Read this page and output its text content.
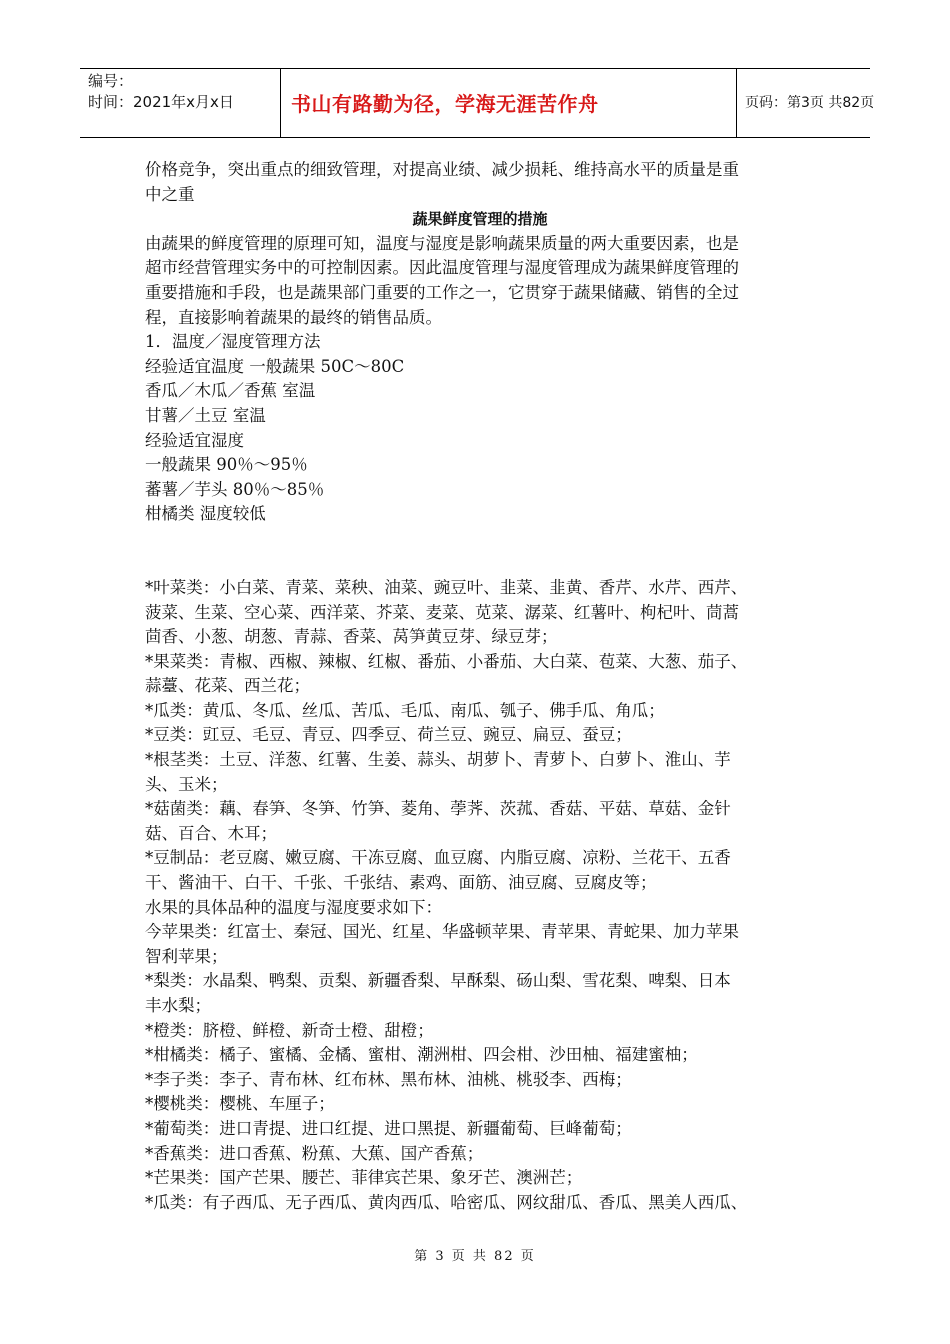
编号：
时间：2021年x月x日	书山有路勤为径，学海无涯苦作舟	页码：第3页 共82页

价格竞争，突出重点的细致管理，对提高业绩、减少损耗、维持高水平的质量是重

中之重

蔬果鲜度管理的措施

由蔬果的鲜度管理的原理可知，温度与湿度是影响蔬果质量的两大重要因素，也是

超市经营管理实务中的可控制因素。因此温度管理与湿度管理成为蔬果鲜度管理的

重要措施和手段，也是蔬果部门重要的工作之一，它贯穿于蔬果储藏、销售的全过

程，直接影响着蔬果的最终的销售品质。

1．温度／湿度管理方法

经验适宜温度 一般蔬果 50C～80C

香瓜／木瓜／香蕉 室温

甘薯／土豆 室温

经验适宜湿度

一般蔬果 90％～95％

蕃薯／芋头 80％～85％

柑橘类 湿度较低

*叶菜类：小白菜、青菜、菜秧、油菜、豌豆叶、韭菜、韭黄、香芹、水芹、西芹、

菠菜、生菜、空心菜、西洋菜、芥菜、麦菜、苋菜、潺菜、红薯叶、枸杞叶、茼蒿

茴香、小葱、胡葱、青蒜、香菜、莴笋黄豆芽、绿豆芽；

*果菜类：青椒、西椒、辣椒、红椒、番茄、小番茄、大白菜、苞菜、大葱、茄子、

蒜薹、花菜、西兰花；

*瓜类：黄瓜、冬瓜、丝瓜、苦瓜、毛瓜、南瓜、瓠子、佛手瓜、角瓜；

*豆类：豇豆、毛豆、青豆、四季豆、荷兰豆、豌豆、扁豆、蚕豆；

*根茎类：土豆、洋葱、红薯、生姜、蒜头、胡萝卜、青萝卜、白萝卜、淮山、芋

头、玉米；

*菇菌类：藕、春笋、冬笋、竹笋、菱角、荸荠、茨菰、香菇、平菇、草菇、金针

菇、百合、木耳；

*豆制品：老豆腐、嫩豆腐、干冻豆腐、血豆腐、内脂豆腐、凉粉、兰花干、五香

干、酱油干、白干、千张、千张结、素鸡、面筋、油豆腐、豆腐皮等；

水果的具体品种的温度与湿度要求如下：

今苹果类：红富士、秦冠、国光、红星、华盛顿苹果、青苹果、青蛇果、加力苹果

智利苹果；

*梨类：水晶梨、鸭梨、贡梨、新疆香梨、早酥梨、砀山梨、雪花梨、啤梨、日本

丰水梨；

*橙类：脐橙、鲜橙、新奇士橙、甜橙；

*柑橘类：橘子、蜜橘、金橘、蜜柑、潮洲柑、四会柑、沙田柚、福建蜜柚；

*李子类：李子、青布林、红布林、黑布林、油桃、桃驳李、西梅；

*樱桃类：樱桃、车厘子；

*葡萄类：进口青提、进口红提、进口黑提、新疆葡萄、巨峰葡萄；

*香蕉类：进口香蕉、粉蕉、大蕉、国产香蕉；

*芒果类：国产芒果、腰芒、菲律宾芒果、象牙芒、澳洲芒；

*瓜类：有子西瓜、无子西瓜、黄肉西瓜、哈密瓜、网纹甜瓜、香瓜、黑美人西瓜、

第 3 页 共 82 页
